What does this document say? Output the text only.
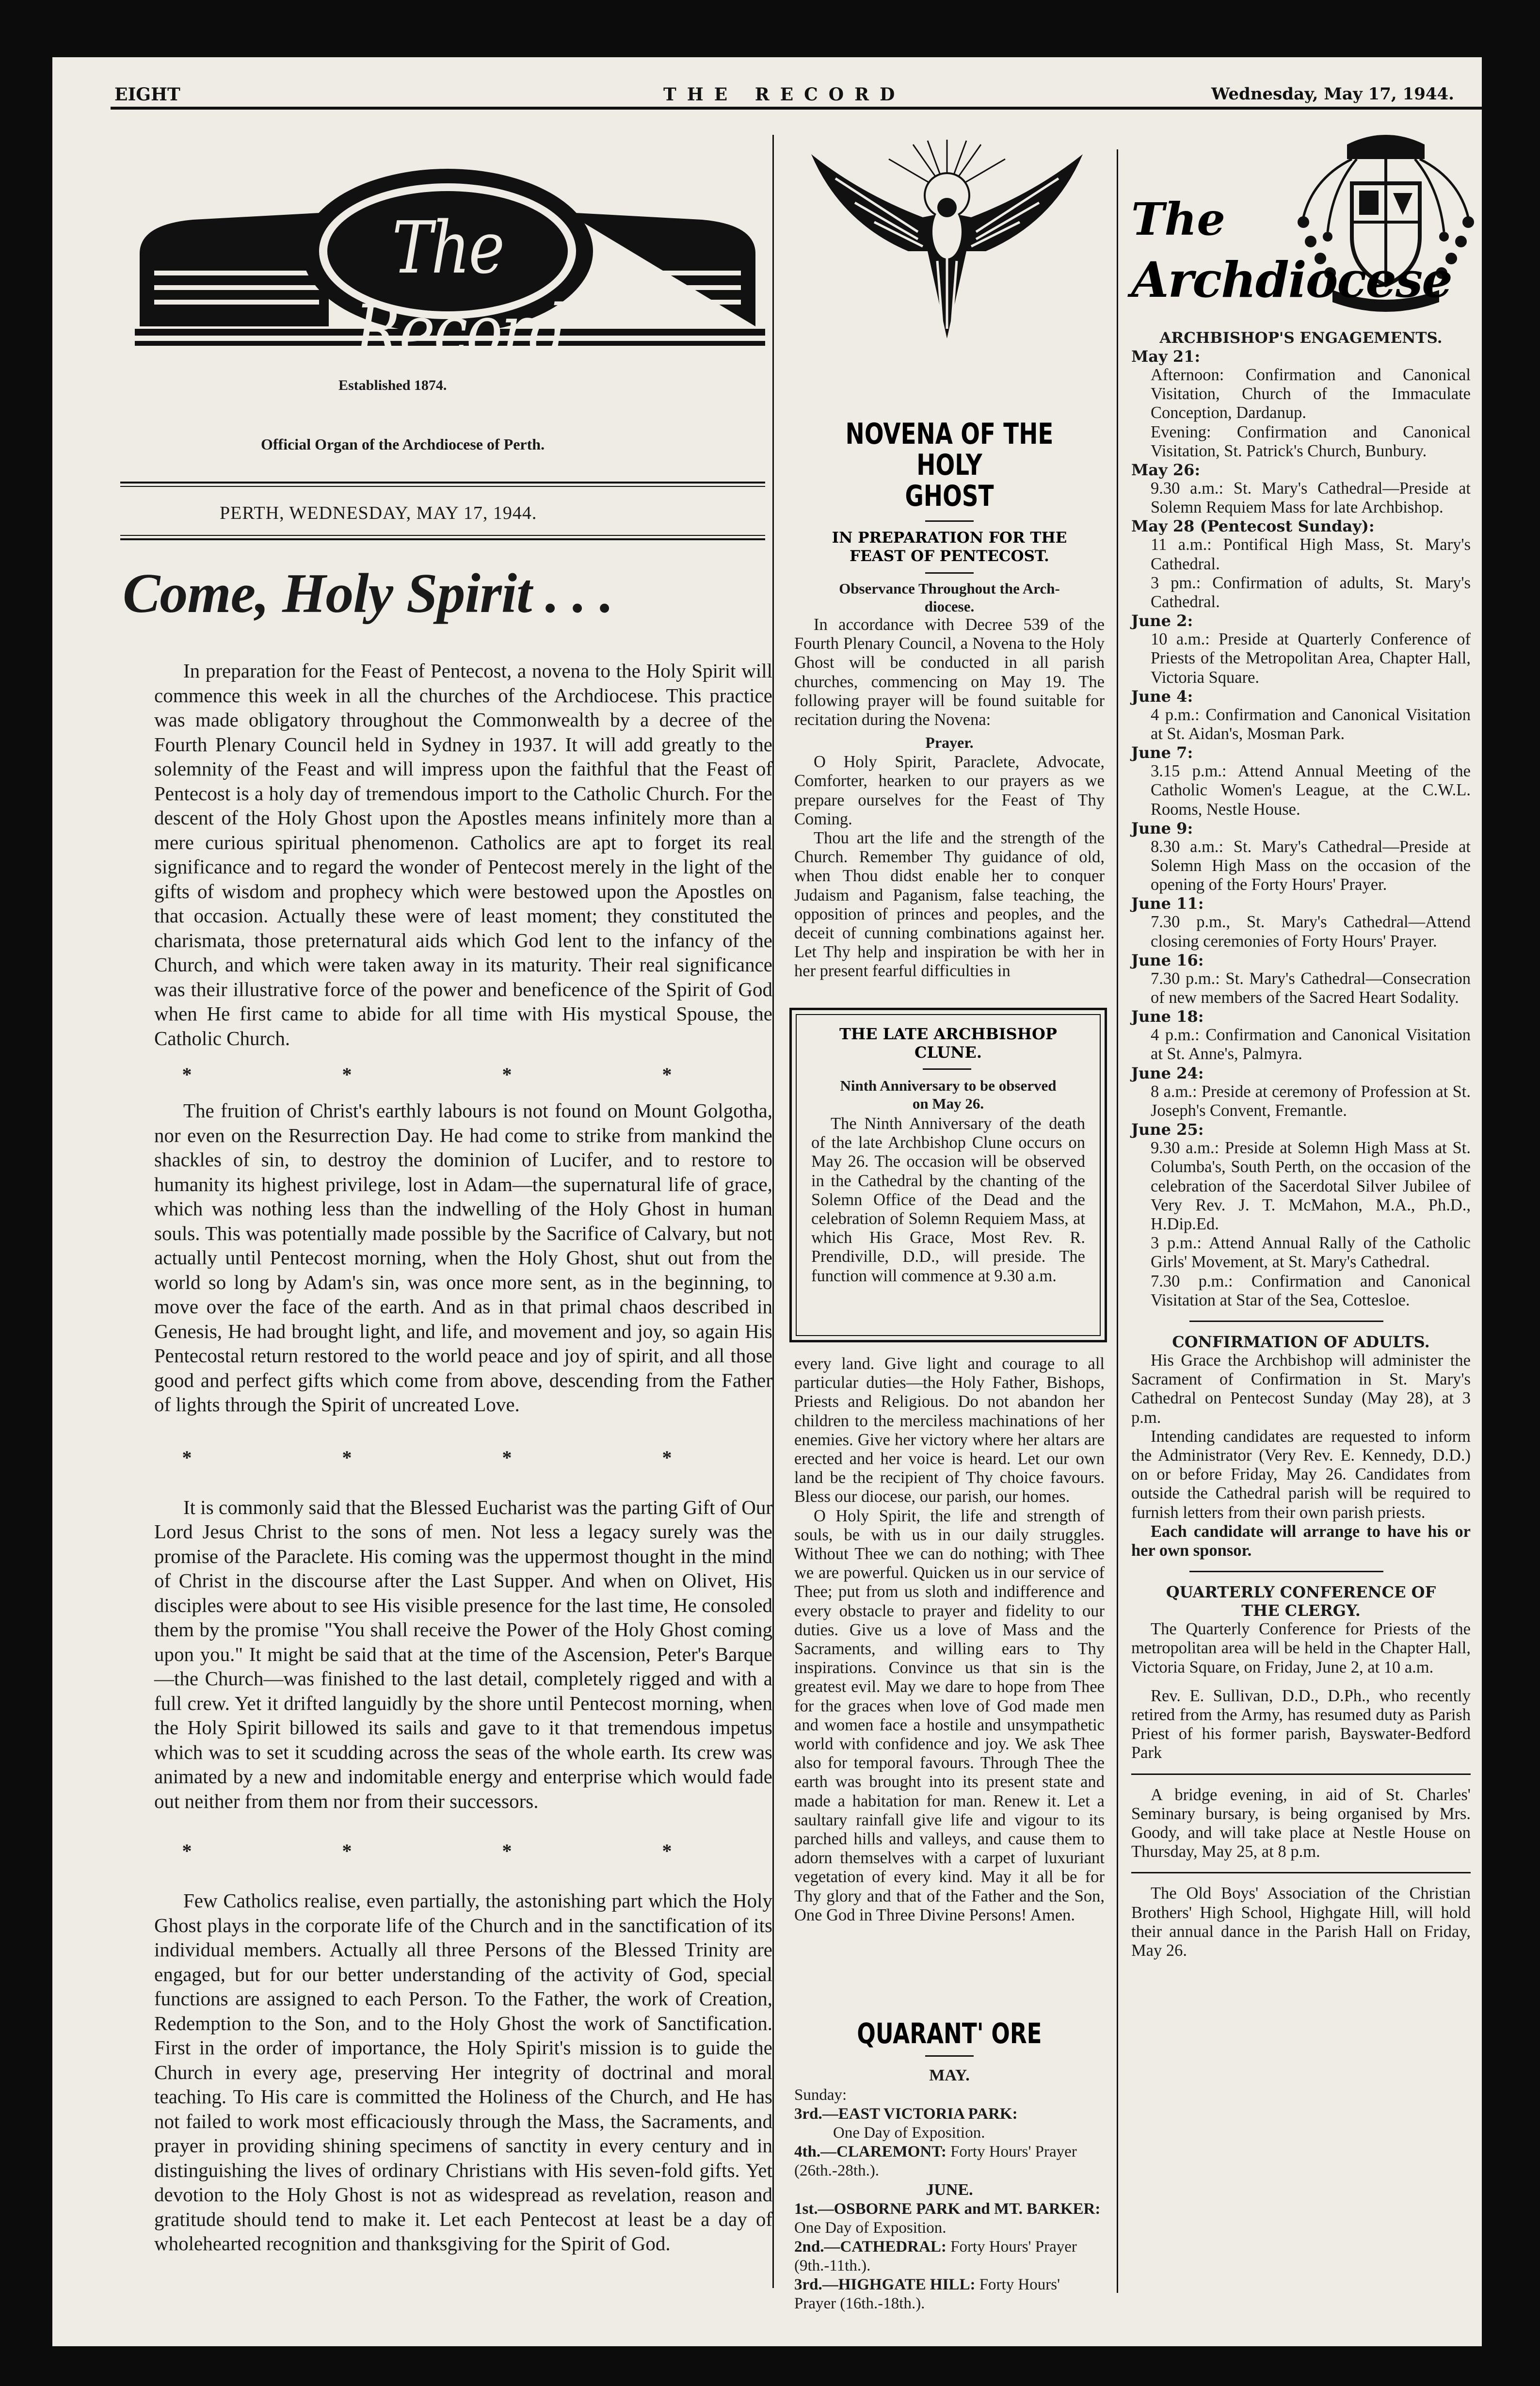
EIGHT	THE RECORD	Wednesday, May 17, 1944.
The Record
Established 1874.
Official Organ of the Archdiocese of Perth.
PERTH, WEDNESDAY, MAY 17, 1944.
Come, Holy Spirit . . .

In preparation for the Feast of Pentecost, a novena to the Holy Spirit will commence this week in all the churches of the Archdiocese. This practice was made obligatory throughout the Commonwealth by a decree of the Fourth Plenary Council held in Sydney in 1937. It will add greatly to the solemnity of the Feast and will impress upon the faithful that the Feast of Pentecost is a holy day of tremendous import to the Catholic Church. For the descent of the Holy Ghost upon the Apostles means infinitely more than a mere curious spiritual phenomenon. Catholics are apt to forget its real significance and to regard the wonder of Pentecost merely in the light of the gifts of wisdom and prophecy which were bestowed upon the Apostles on that occasion. Actually these were of least moment; they constituted the charismata, those preternatural aids which God lent to the infancy of the Church, and which were taken away in its maturity. Their real significance was their illustrative force of the power and beneficence of the Spirit of God when He first came to abide for all time with His mystical Spouse, the Catholic Church.

* * * *

The fruition of Christ's earthly labours is not found on Mount Golgotha, nor even on the Resurrection Day. He had come to strike from mankind the shackles of sin, to destroy the dominion of Lucifer, and to restore to humanity its highest privilege, lost in Adam—the supernatural life of grace, which was nothing less than the indwelling of the Holy Ghost in human souls. This was potentially made possible by the Sacrifice of Calvary, but not actually until Pentecost morning, when the Holy Ghost, shut out from the world so long by Adam's sin, was once more sent, as in the beginning, to move over the face of the earth. And as in that primal chaos described in Genesis, He had brought light, and life, and movement and joy, so again His Pentecostal return restored to the world peace and joy of spirit, and all those good and perfect gifts which come from above, descending from the Father of lights through the Spirit of uncreated Love.

* * * *

It is commonly said that the Blessed Eucharist was the parting Gift of Our Lord Jesus Christ to the sons of men. Not less a legacy surely was the promise of the Paraclete. His coming was the uppermost thought in the mind of Christ in the discourse after the Last Supper. And when on Olivet, His disciples were about to see His visible presence for the last time, He consoled them by the promise "You shall receive the Power of the Holy Ghost coming upon you." It might be said that at the time of the Ascension, Peter's Barque—the Church—was finished to the last detail, completely rigged and with a full crew. Yet it drifted languidly by the shore until Pentecost morning, when the Holy Spirit billowed its sails and gave to it that tremendous impetus which was to set it scudding across the seas of the whole earth. Its crew was animated by a new and indomitable energy and enterprise which would fade out neither from them nor from their successors.

* * * *

Few Catholics realise, even partially, the astonishing part which the Holy Ghost plays in the corporate life of the Church and in the sanctification of its individual members. Actually all three Persons of the Blessed Trinity are engaged, but for our better understanding of the activity of God, special functions are assigned to each Person. To the Father, the work of Creation, Redemption to the Son, and to the Holy Ghost the work of Sanctification. First in the order of importance, the Holy Spirit's mission is to guide the Church in every age, preserving Her integrity of doctrinal and moral teaching. To His care is committed the Holiness of the Church, and He has not failed to work most efficaciously through the Mass, the Sacraments, and prayer in providing shining specimens of sanctity in every century and in distinguishing the lives of ordinary Christians with His seven-fold gifts. Yet devotion to the Holy Ghost is not as widespread as revelation, reason and gratitude should tend to make it. Let each Pentecost at least be a day of wholehearted recognition and thanksgiving for the Spirit of God.

NOVENA OF THE HOLY
GHOST
IN PREPARATION FOR THE
FEAST OF PENTECOST.
Observance Throughout the Arch-
diocese.

In accordance with Decree 539 of the Fourth Plenary Council, a Novena to the Holy Ghost will be conducted in all parish churches, commencing on May 19. The following prayer will be found suitable for recitation during the Novena:

Prayer.

O Holy Spirit, Paraclete, Advocate, Comforter, hearken to our prayers as we prepare ourselves for the Feast of Thy Coming.

Thou art the life and the strength of the Church. Remember Thy guidance of old, when Thou didst enable her to conquer Judaism and Paganism, false teaching, the opposition of princes and peoples, and the deceit of cunning combinations against her. Let Thy help and inspiration be with her in her present fearful difficulties in

THE LATE ARCHBISHOP
CLUNE.
Ninth Anniversary to be observed
on May 26.

The Ninth Anniversary of the death of the late Archbishop Clune occurs on May 26. The occasion will be observed in the Cathedral by the chanting of the Solemn Office of the Dead and the celebration of Solemn Requiem Mass, at which His Grace, Most Rev. R. Prendiville, D.D., will preside. The function will commence at 9.30 a.m.

every land. Give light and courage to all particular duties—the Holy Father, Bishops, Priests and Religious. Do not abandon her children to the merciless machinations of her enemies. Give her victory where her altars are erected and her voice is heard. Let our own land be the recipient of Thy choice favours. Bless our diocese, our parish, our homes.

O Holy Spirit, the life and strength of souls, be with us in our daily struggles. Without Thee we can do nothing; with Thee we are powerful. Quicken us in our service of Thee; put from us sloth and indifference and every obstacle to prayer and fidelity to our duties. Give us a love of Mass and the Sacraments, and willing ears to Thy inspirations. Convince us that sin is the greatest evil. May we dare to hope from Thee for the graces when love of God made men and women face a hostile and unsympathetic world with confidence and joy. We ask Thee also for temporal favours. Through Thee the earth was brought into its present state and made a habitation for man. Renew it. Let a saultary rainfall give life and vigour to its parched hills and valleys, and cause them to adorn themselves with a carpet of luxuriant vegetation of every kind. May it all be for Thy glory and that of the Father and the Son, One God in Three Divine Persons! Amen.

QUARANT' ORE
MAY.
Sunday:
3rd.—EAST VICTORIA PARK:
One Day of Exposition.
4th.—CLAREMONT: Forty Hours' Prayer (26th.-28th.).
JUNE.
1st.—OSBORNE PARK and MT. BARKER: One Day of Exposition.
2nd.—CATHEDRAL: Forty Hours' Prayer (9th.-11th.).
3rd.—HIGHGATE HILL: Forty Hours' Prayer (16th.-18th.).
The
Archdiocese
ARCHBISHOP'S ENGAGEMENTS.
May 21:

Afternoon: Confirmation and Canonical Visitation, Church of the Immaculate Conception, Dardanup.

Evening: Confirmation and Canonical Visitation, St. Patrick's Church, Bunbury.

May 26:

9.30 a.m.: St. Mary's Cathedral—Preside at Solemn Requiem Mass for late Archbishop.

May 28 (Pentecost Sunday):

11 a.m.: Pontifical High Mass, St. Mary's Cathedral.

3 pm.: Confirmation of adults, St. Mary's Cathedral.

June 2:

10 a.m.: Preside at Quarterly Conference of Priests of the Metropolitan Area, Chapter Hall, Victoria Square.

June 4:

4 p.m.: Confirmation and Canonical Visitation at St. Aidan's, Mosman Park.

June 7:

3.15 p.m.: Attend Annual Meeting of the Catholic Women's League, at the C.W.L. Rooms, Nestle House.

June 9:

8.30 a.m.: St. Mary's Cathedral—Preside at Solemn High Mass on the occasion of the opening of the Forty Hours' Prayer.

June 11:

7.30 p.m., St. Mary's Cathedral—Attend closing ceremonies of Forty Hours' Prayer.

June 16:

7.30 p.m.: St. Mary's Cathedral—Consecration of new members of the Sacred Heart Sodality.

June 18:

4 p.m.: Confirmation and Canonical Visitation at St. Anne's, Palmyra.

June 24:

8 a.m.: Preside at ceremony of Profession at St. Joseph's Convent, Fremantle.

June 25:

9.30 a.m.: Preside at Solemn High Mass at St. Columba's, South Perth, on the occasion of the celebration of the Sacerdotal Silver Jubilee of Very Rev. J. T. McMahon, M.A., Ph.D., H.Dip.Ed.

3 p.m.: Attend Annual Rally of the Catholic Girls' Movement, at St. Mary's Cathedral.

7.30 p.m.: Confirmation and Canonical Visitation at Star of the Sea, Cottesloe.

CONFIRMATION OF ADULTS.

His Grace the Archbishop will administer the Sacrament of Confirmation in St. Mary's Cathedral on Pentecost Sunday (May 28), at 3 p.m.

Intending candidates are requested to inform the Administrator (Very Rev. E. Kennedy, D.D.) on or before Friday, May 26. Candidates from outside the Cathedral parish will be required to furnish letters from their own parish priests.

Each candidate will arrange to have his or her own sponsor.

QUARTERLY CONFERENCE OF
THE CLERGY.

The Quarterly Conference for Priests of the metropolitan area will be held in the Chapter Hall, Victoria Square, on Friday, June 2, at 10 a.m.

Rev. E. Sullivan, D.D., D.Ph., who recently retired from the Army, has resumed duty as Parish Priest of his former parish, Bayswater-Bedford Park

A bridge evening, in aid of St. Charles' Seminary bursary, is being organised by Mrs. Goody, and will take place at Nestle House on Thursday, May 25, at 8 p.m.

The Old Boys' Association of the Christian Brothers' High School, Highgate Hill, will hold their annual dance in the Parish Hall on Friday, May 26.
